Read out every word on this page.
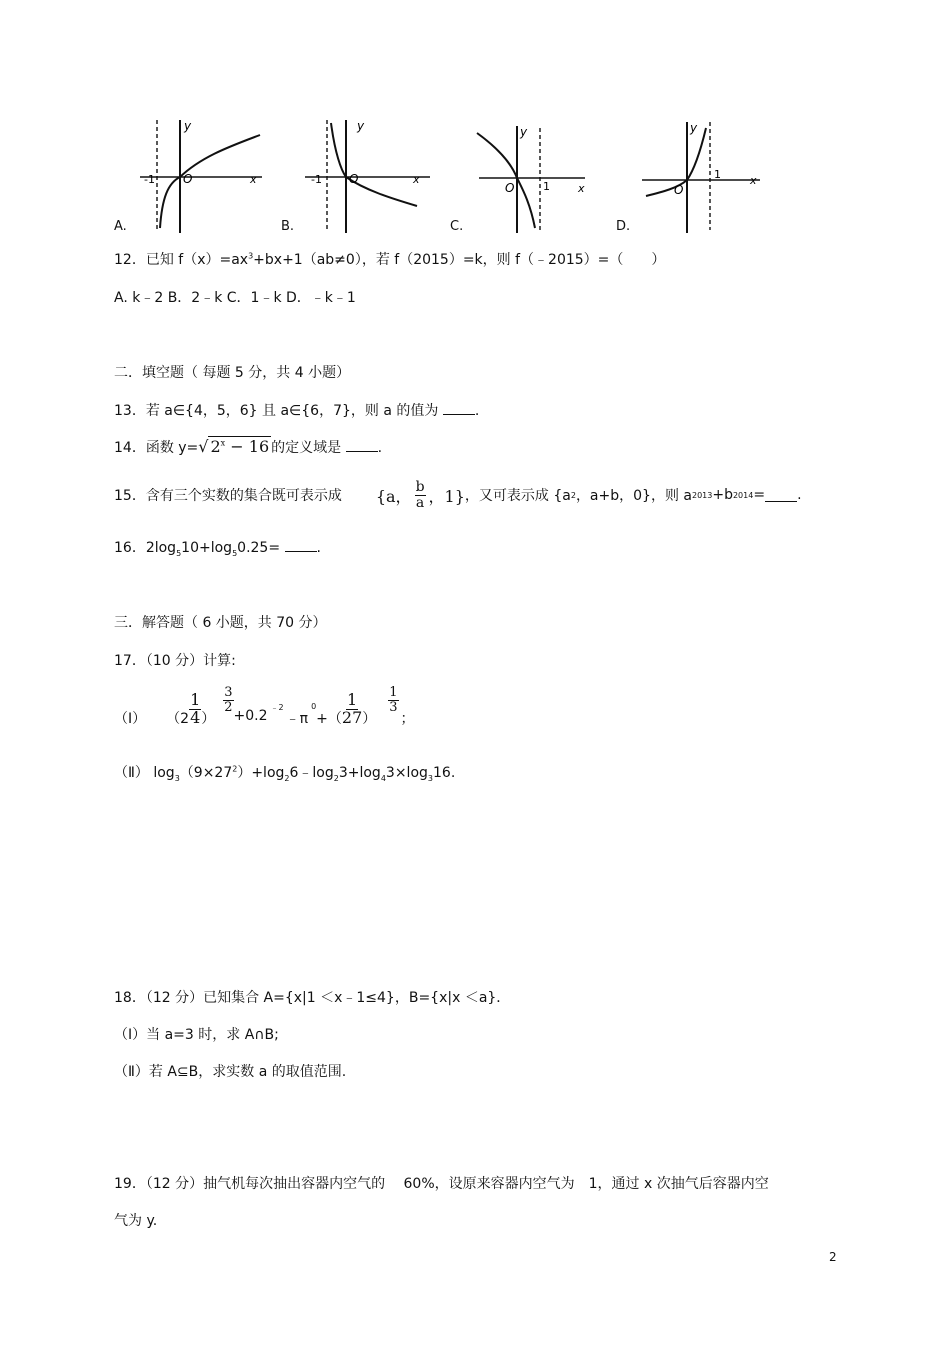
-1 O	x
y
A.
-1 O	x
y
B.
O	1	x
y
C.
O
1	x
y
D.
12．已知 $f(x)=ax^3+bx+1(ab\ne 0)$，若 f（2015）=k，则 f（﹣2015）=（　　）
A. k﹣2 B．2﹣k C．1﹣k D．﹣k﹣1
二．填空题（ 每题 5 分，共 4 小题）
13．若 a∈{4，5，6} 且 a∈{6，7}，则 a 的值为	.
14．函数 y=√ $2^x - 16$ 的定义域是	.
15．含有三个实数的集合既可表示成 {a， $\frac{b}{a}$ ，1} ，又可表示成 {a 2 ，a+b，0}，则 a 2013 +b 2014 = .
16．$2\log_510+\log_50.25=$	.
三．解答题（ 6 小题，共 70 分）
17．（10 分）计算:
（Ⅰ） （$2 \frac{1}{4}$ ）
$\frac{3}{2}$
+0.2
﹣2
﹣π
0
+（ $\frac{1}{27}$ ）
$\frac{1}{3}$
；
（Ⅱ） $\log_3(9\times 27^2)+\log_26﹣\log_23+\log_43\times\log_316$.
18．（12 分）已知集合 A={x|1 ＜x﹣1≤4}，B={x|x ＜a}．
（Ⅰ）当 a=3 时，求 A∩B;
（Ⅱ）若 A⊆B，求实数 a 的取值范围.
19．（12 分）抽气机每次抽出容器内空气的　 60%，设原来容器内空气为　1，通过 x 次抽气后容器内空
气为 y.
2
